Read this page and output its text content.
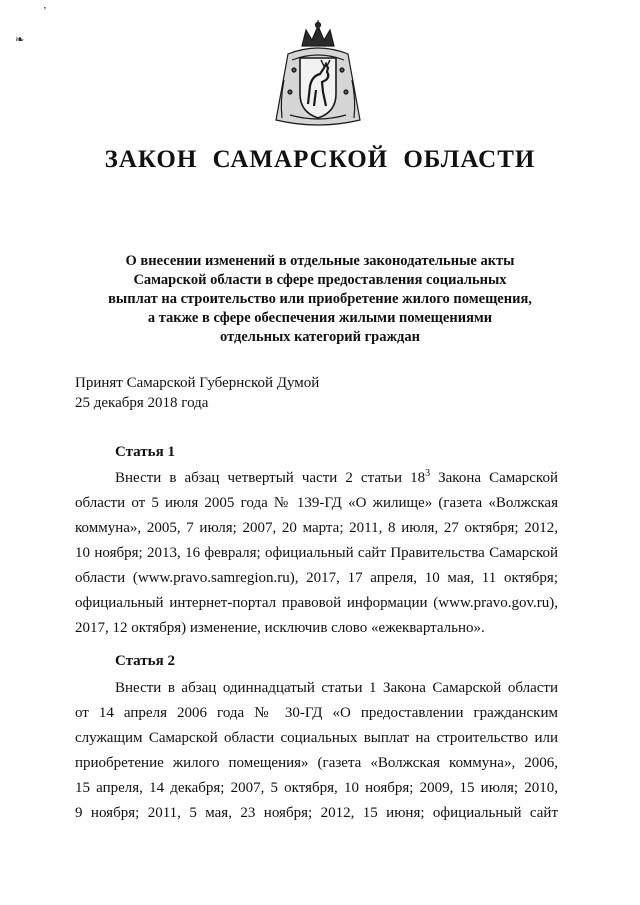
ʼ
❧
ЗАКОН САМАРСКОЙ ОБЛАСТИ
О внесении изменений в отдельные законодательные акты
Самарской области в сфере предоставления социальных
выплат на строительство или приобретение жилого помещения,
а также в сфере обеспечения жилыми помещениями
отдельных категорий граждан
Принят Самарской Губернской Думой
25 декабря 2018 года
Статья 1
Внести в абзац четвертый части 2 статьи $18^3$ Закона Самарской
области от 5 июля 2005 года № 139-ГД «О жилище» (газета «Волжская
коммуна», 2005, 7 июля; 2007, 20 марта; 2011, 8 июля, 27 октября; 2012,
10 ноября; 2013, 16 февраля; официальный сайт Правительства Самарской
области (www.pravo.samregion.ru), 2017, 17 апреля, 10 мая, 11 октября;
официальный интернет-портал правовой информации (www.pravo.gov.ru),
2017, 12 октября) изменение, исключив слово «ежеквартально».
Статья 2
Внести в абзац одиннадцатый статьи 1 Закона Самарской области
от 14 апреля 2006 года № 30-ГД «О предоставлении гражданским
служащим Самарской области социальных выплат на строительство или
приобретение жилого помещения» (газета «Волжская коммуна», 2006,
15 апреля, 14 декабря; 2007, 5 октября, 10 ноября; 2009, 15 июля; 2010,
9 ноября; 2011, 5 мая, 23 ноября; 2012, 15 июня; официальный сайт
